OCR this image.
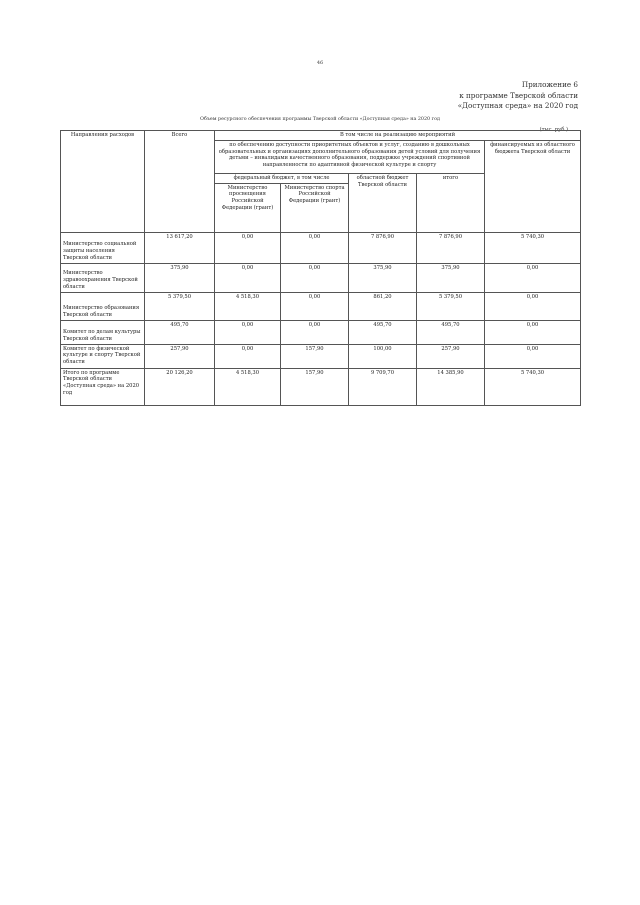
46
Приложение 6
к программе Тверской области
«Доступная среда» на 2020 год
Объем ресурсного обеспечения программы Тверской области «Доступная среда» на 2020 год
(тыс. руб.)
Направления расходов	Всего	В том числе на реализацию мероприятий				
		по обеспечению доступности приоритетных объектов и услуг, созданию в дошкольных образовательных и организациях дополнительного образования детей условий для получения детьми – инвалидами качественного образования, поддержке учреждений спортивной направленности по адаптивной физической культуре и спорту				финансируемых из областного бюджета Тверской области
		федеральный бюджет, в том числе		областной бюджет Тверской области	итого	
		Министерство просвещения Российской Федерации (грант)	Министерство спорта Российской Федерации (грант)			
Министерство социальной защиты населения Тверской области	13 617,20	0,00	0,00	7 876,90	7 876,90	5 740,30
Министерство здравоохранения Тверской области	375,90	0,00	0,00	375,90	375,90	0,00
Министерство образования Тверской области	5 379,50	4 518,30	0,00	861,20	5 379,50	0,00
Комитет по делам культуры Тверской области	495,70	0,00	0,00	495,70	495,70	0,00
Комитет по физической культуре и спорту Тверской области	257,90	0,00	157,90	100,00	257,90	0,00
Итого по программе Тверской области «Доступная среда» на 2020 год	20 126,20	4 518,30	157,90	9 709,70	14 385,90	5 740,30
